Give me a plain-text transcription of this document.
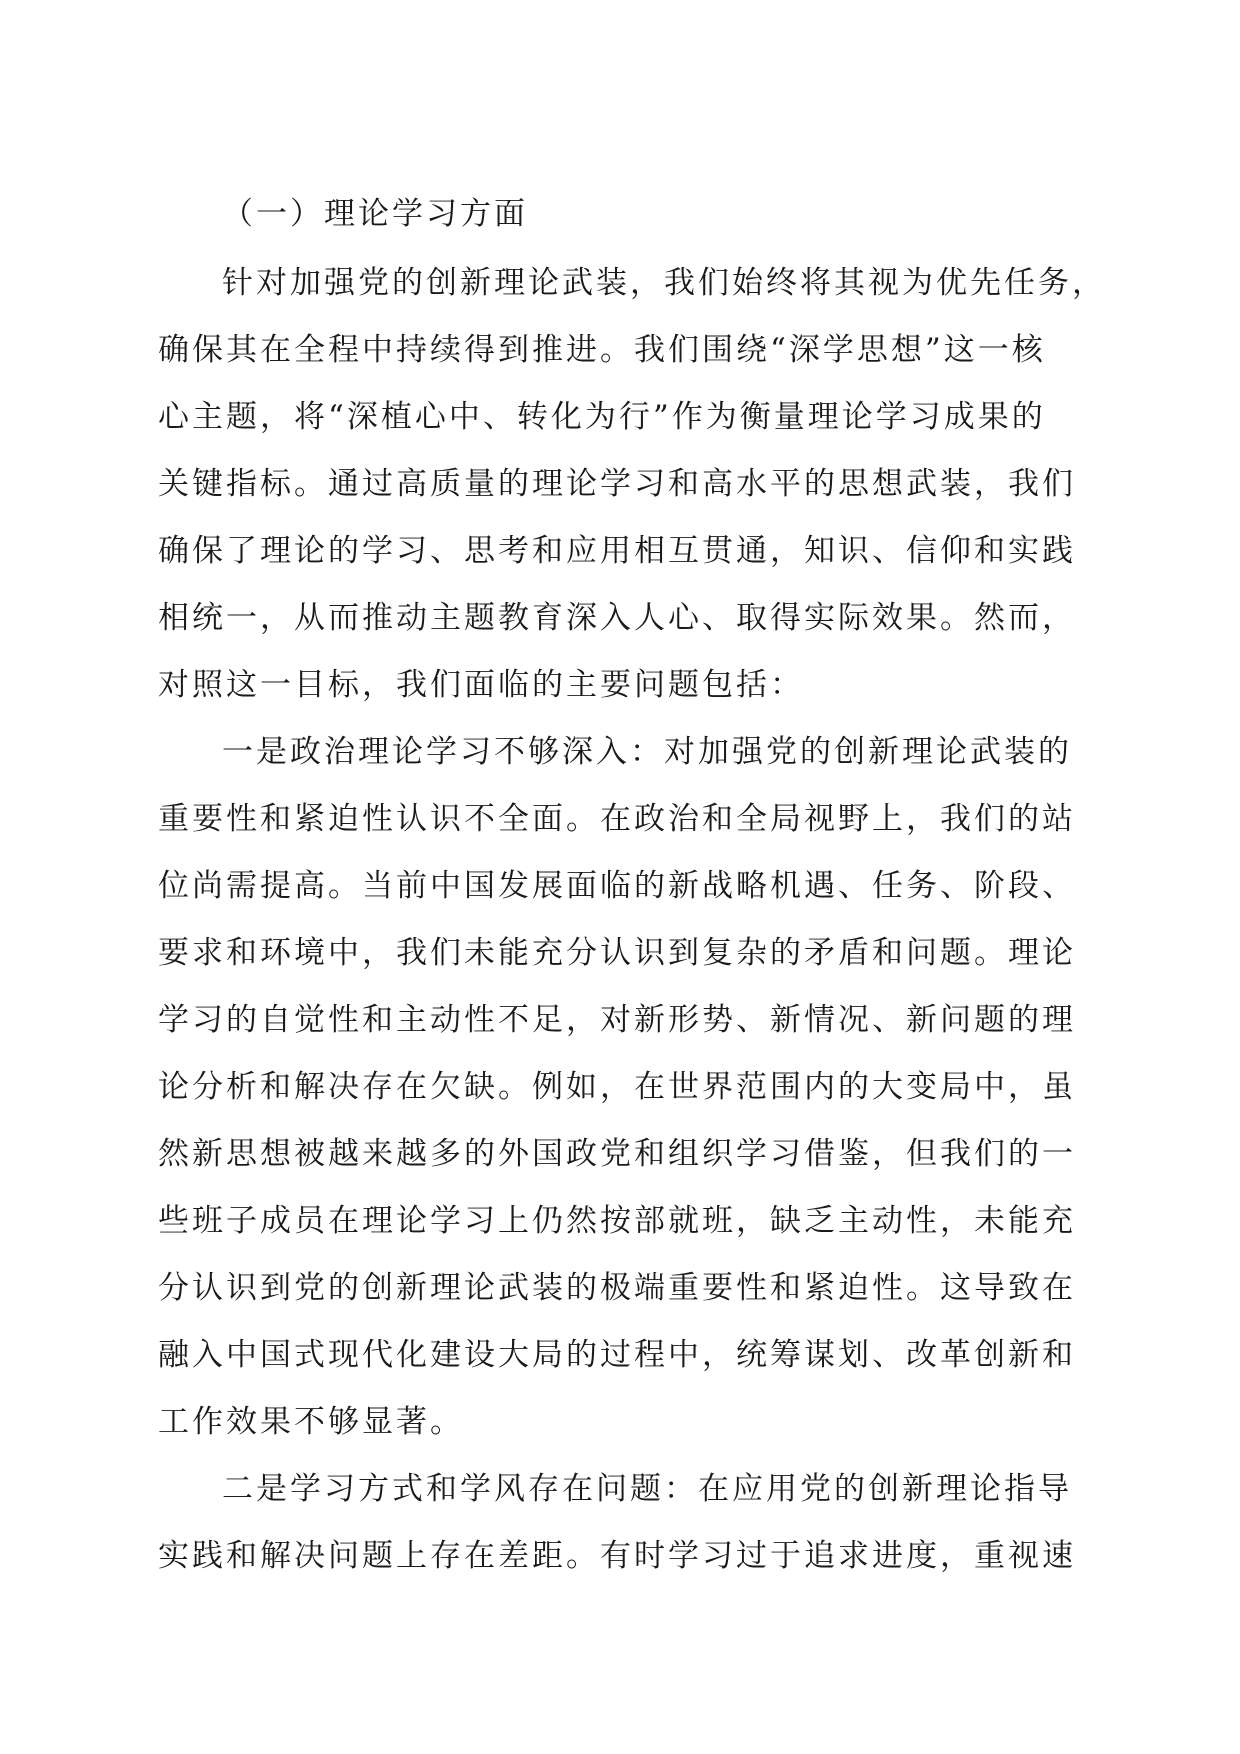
（一）理论学习方面
针对加强党的创新理论武装，我们始终将其视为优先任务，
确保其在全程中持续得到推进。我们围绕“深学思想”这一核
心主题，将“深植心中、转化为行”作为衡量理论学习成果的
关键指标。通过高质量的理论学习和高水平的思想武装，我们
确保了理论的学习、思考和应用相互贯通，知识、信仰和实践
相统一，从而推动主题教育深入人心、取得实际效果。然而，
对照这一目标，我们面临的主要问题包括：
一是政治理论学习不够深入：对加强党的创新理论武装的
重要性和紧迫性认识不全面。在政治和全局视野上，我们的站
位尚需提高。当前中国发展面临的新战略机遇、任务、阶段、
要求和环境中，我们未能充分认识到复杂的矛盾和问题。理论
学习的自觉性和主动性不足，对新形势、新情况、新问题的理
论分析和解决存在欠缺。例如，在世界范围内的大变局中，虽
然新思想被越来越多的外国政党和组织学习借鉴，但我们的一
些班子成员在理论学习上仍然按部就班，缺乏主动性，未能充
分认识到党的创新理论武装的极端重要性和紧迫性。这导致在
融入中国式现代化建设大局的过程中，统筹谋划、改革创新和
工作效果不够显著。
二是学习方式和学风存在问题：在应用党的创新理论指导
实践和解决问题上存在差距。有时学习过于追求进度，重视速
